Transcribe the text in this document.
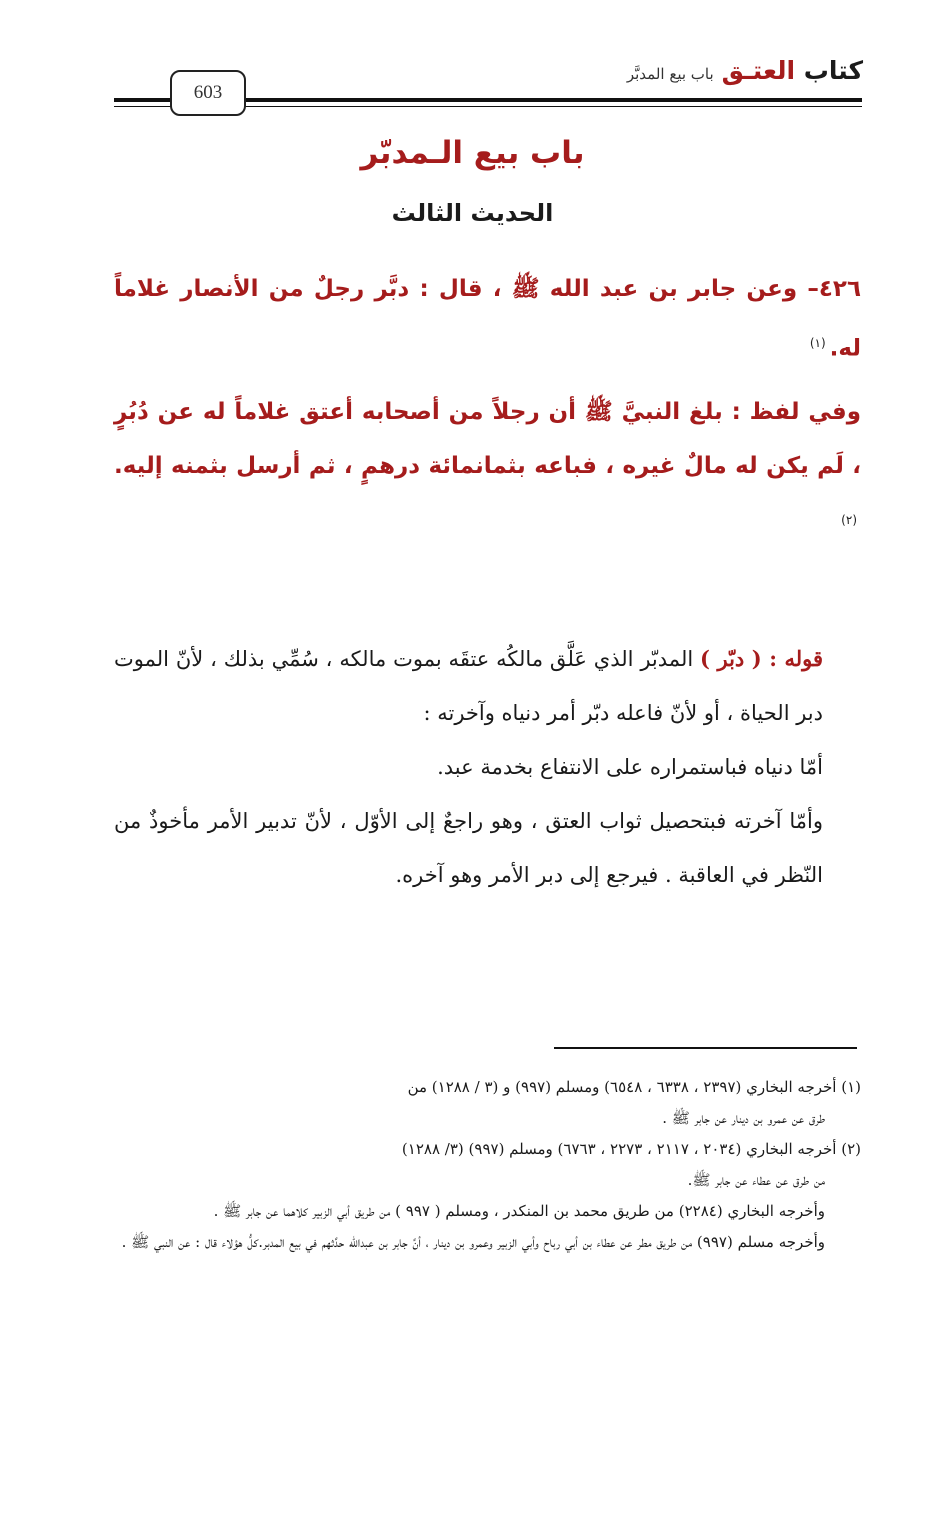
كتاب العتـق
باب بيع المدبَّر
603
باب بيع الـمدبّر
الحديث الثالث

٤٢٦– وعن جابر بن عبد الله ﷺ ، قال : دبَّر رجلٌ من الأنصار غلاماً له.$^{(١)}$

وفي لفظ : بلغ النبيَّ ﷺ أن رجلاً من أصحابه أعتق غلاماً له عن دُبُرٍ ، لَم يكن له مالٌ غيره ، فباعه بثمانمائة درهمٍ ، ثم أرسل بثمنه إليه.$^{(٢)}$

قوله : ( دبّر ) المدبّر الذي عَلَّق مالكُه عتقَه بموت مالكه ، سُمِّي بذلك ، لأنّ الموت دبر الحياة ، أو لأنّ فاعله دبّر أمر دنياه وآخرته :

أمّا دنياه فباستمراره على الانتفاع بخدمة عبد.

وأمّا آخرته فبتحصيل ثواب العتق ، وهو راجعٌ إلى الأوّل ، لأنّ تدبير الأمر مأخوذٌ من النّظر في العاقبة . فيرجع إلى دبر الأمر وهو آخره.

(١) أخرجه البخاري (٢٣٩٧ ، ٦٣٣٨ ، ٦٥٤٨) ومسلم (٩٩٧) و (٣ / ١٢٨٨) من

طرق عن عمرو بن دينار عن جابر ﷺ .

(٢) أخرجه البخاري (٢٠٣٤ ، ٢١١٧ ، ٢٢٧٣ ، ٦٧٦٣) ومسلم (٩٩٧) (٣/ ١٢٨٨)

من طرق عن عطاء عن جابر ﷺ.

وأخرجه البخاري (٢٢٨٤) من طريق محمد بن المنكدر ، ومسلم ( ٩٩٧ ) من طريق أبي الزبير كلاهما عن جابر ﷺ .

وأخرجه مسلم (٩٩٧) من طريق مطر عن عطاء بن أبي رباح وأبي الزبير وعمرو بن دينار ، أنَّ جابر بن عبدالله حدَّثهم في بيع المدبر.كلُّ هؤلاء قال : عن النبي ﷺ .
